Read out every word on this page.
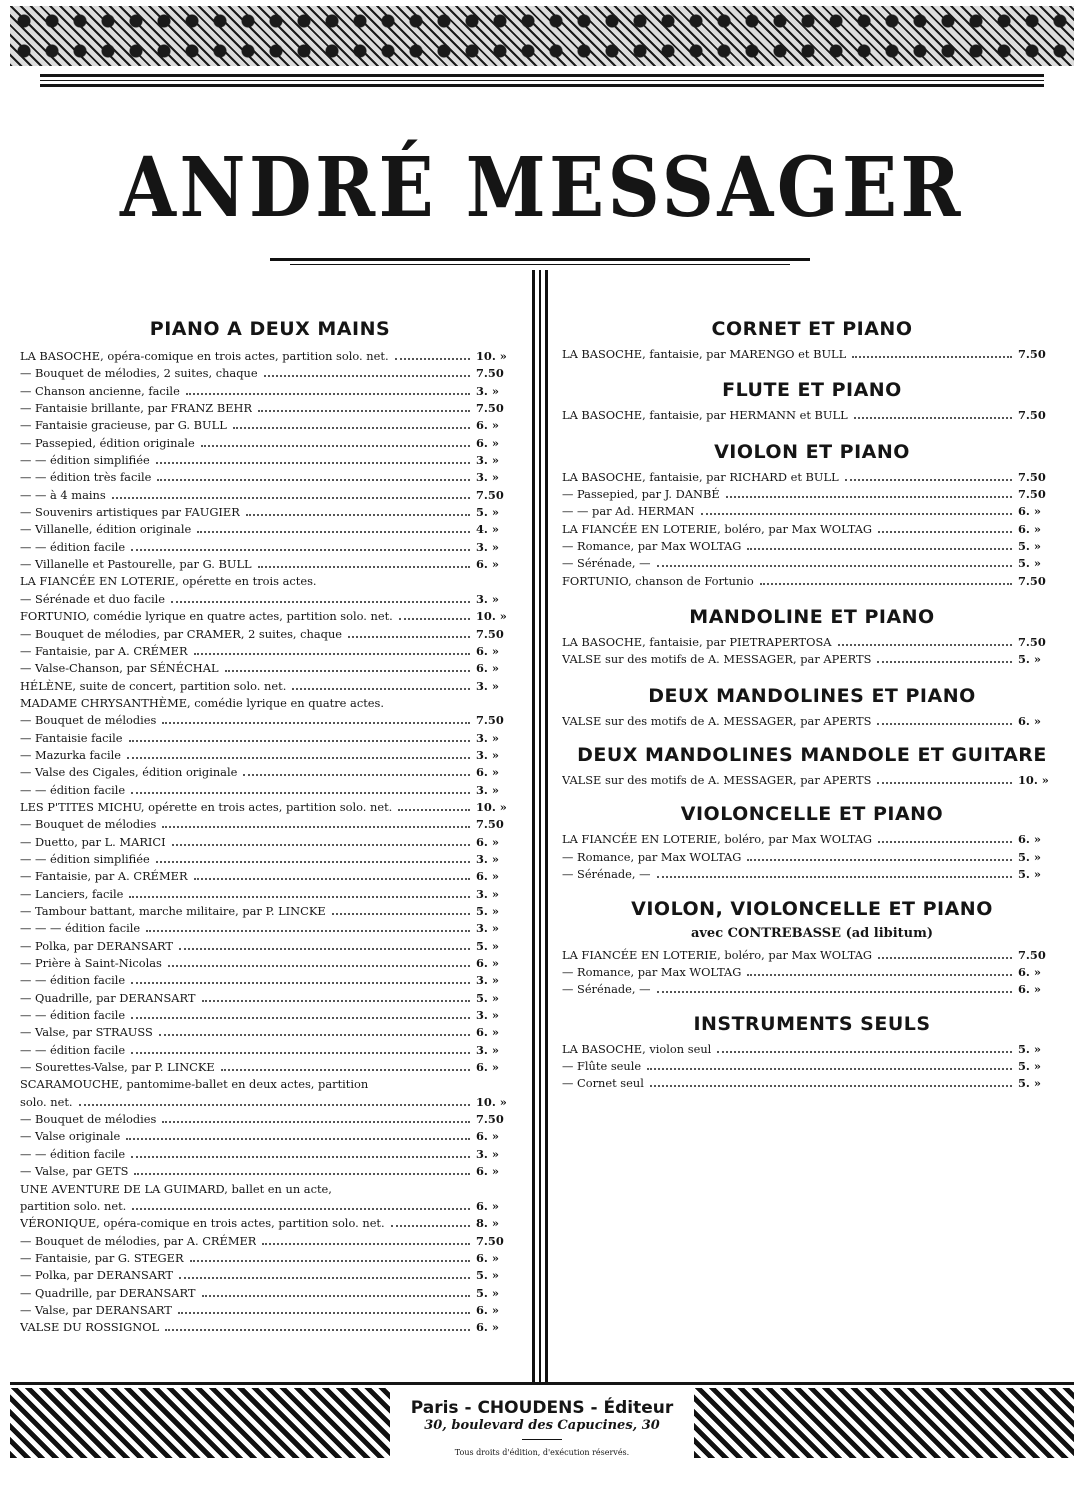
ANDRÉ MESSAGER
PIANO A DEUX MAINS
LA BASOCHE, opéra-comique en trois actes, partition solo. net.	10. »
— Bouquet de mélodies, 2 suites, chaque	7.50
— Chanson ancienne, facile	3. »
— Fantaisie brillante, par FRANZ BEHR	7.50
— Fantaisie gracieuse, par G. BULL	6. »
— Passepied, édition originale	6. »
— — édition simplifiée	3. »
— — édition très facile	3. »
— — à 4 mains	7.50
— Souvenirs artistiques par FAUGIER	5. »
— Villanelle, édition originale	4. »
— — édition facile	3. »
— Villanelle et Pastourelle, par G. BULL	6. »
LA FIANCÉE EN LOTERIE, opérette en trois actes.
— Sérénade et duo facile	3. »
FORTUNIO, comédie lyrique en quatre actes, partition solo. net.	10. »
— Bouquet de mélodies, par CRAMER, 2 suites, chaque	7.50
— Fantaisie, par A. CRÉMER	6. »
— Valse-Chanson, par SÉNÉCHAL	6. »
HÉLÈNE, suite de concert, partition solo. net.	3. »
MADAME CHRYSANTHÈME, comédie lyrique en quatre actes.
— Bouquet de mélodies	7.50
— Fantaisie facile	3. »
— Mazurka facile	3. »
— Valse des Cigales, édition originale	6. »
— — édition facile	3. »
LES P'TITES MICHU, opérette en trois actes, partition solo. net.	10. »
— Bouquet de mélodies	7.50
— Duetto, par L. MARICI	6. »
— — édition simplifiée	3. »
— Fantaisie, par A. CRÉMER	6. »
— Lanciers, facile	3. »
— Tambour battant, marche militaire, par P. LINCKE	5. »
— — — édition facile	3. »
— Polka, par DERANSART	5. »
— Prière à Saint-Nicolas	6. »
— — édition facile	3. »
— Quadrille, par DERANSART	5. »
— — édition facile	3. »
— Valse, par STRAUSS	6. »
— — édition facile	3. »
— Sourettes-Valse, par P. LINCKE	6. »
SCARAMOUCHE, pantomime-ballet en deux actes, partition
solo. net.	10. »
— Bouquet de mélodies	7.50
— Valse originale	6. »
— — édition facile	3. »
— Valse, par GETS	6. »
UNE AVENTURE DE LA GUIMARD, ballet en un acte,
partition solo. net.	6. »
VÉRONIQUE, opéra-comique en trois actes, partition solo. net.	8. »
— Bouquet de mélodies, par A. CRÉMER	7.50
— Fantaisie, par G. STEGER	6. »
— Polka, par DERANSART	5. »
— Quadrille, par DERANSART	5. »
— Valse, par DERANSART	6. »
VALSE DU ROSSIGNOL	6. »
CORNET ET PIANO
LA BASOCHE, fantaisie, par MARENGO et BULL	7.50
FLUTE ET PIANO
LA BASOCHE, fantaisie, par HERMANN et BULL	7.50
VIOLON ET PIANO
LA BASOCHE, fantaisie, par RICHARD et BULL	7.50
— Passepied, par J. DANBÉ	7.50
— — par Ad. HERMAN	6. »
LA FIANCÉE EN LOTERIE, boléro, par Max WOLTAG	6. »
— Romance, par Max WOLTAG	5. »
— Sérénade, —	5. »
FORTUNIO, chanson de Fortunio	7.50
MANDOLINE ET PIANO
LA BASOCHE, fantaisie, par PIETRAPERTOSA	7.50
VALSE sur des motifs de A. MESSAGER, par APERTS	5. »
DEUX MANDOLINES ET PIANO
VALSE sur des motifs de A. MESSAGER, par APERTS	6. »
DEUX MANDOLINES MANDOLE ET GUITARE
VALSE sur des motifs de A. MESSAGER, par APERTS	10. »
VIOLONCELLE ET PIANO
LA FIANCÉE EN LOTERIE, boléro, par Max WOLTAG	6. »
— Romance, par Max WOLTAG	5. »
— Sérénade, —	5. »
VIOLON, VIOLONCELLE ET PIANO
avec CONTREBASSE (ad libitum)
LA FIANCÉE EN LOTERIE, boléro, par Max WOLTAG	7.50
— Romance, par Max WOLTAG	6. »
— Sérénade, —	6. »
INSTRUMENTS SEULS
LA BASOCHE, violon seul	5. »
— Flûte seule	5. »
— Cornet seul	5. »
Paris - CHOUDENS - Éditeur
30, boulevard des Capucines, 30
Tous droits d'édition, d'exécution réservés.
